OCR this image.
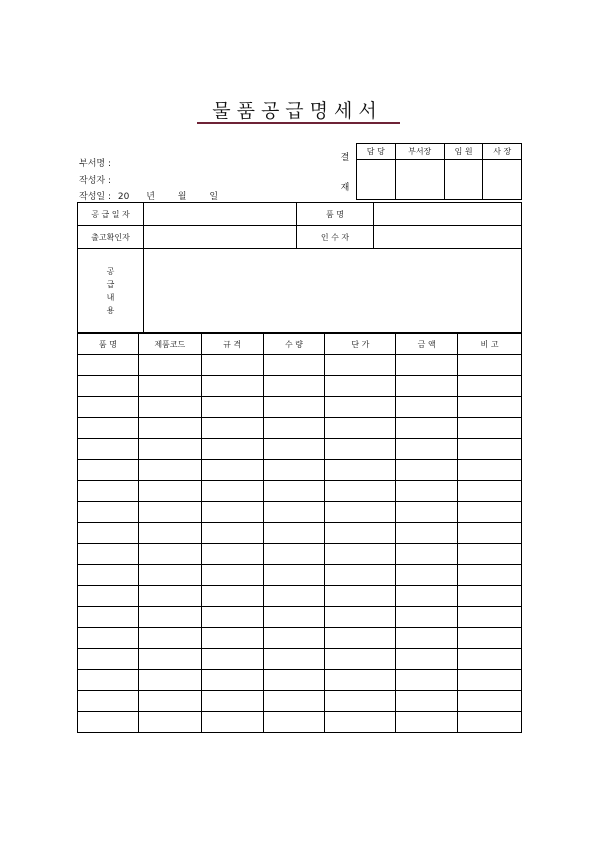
물품공급명세서
부서명 :
작성자 :
작성일 : 20 년	월	일
결
재
담 당	부서장	임 원	사 장

공 급 일 자		품 명	
출고확인자		인 수 자	

공
급
내
용			

품 명	제품코드	규 격	수 량	단 가	금 액	비 고
